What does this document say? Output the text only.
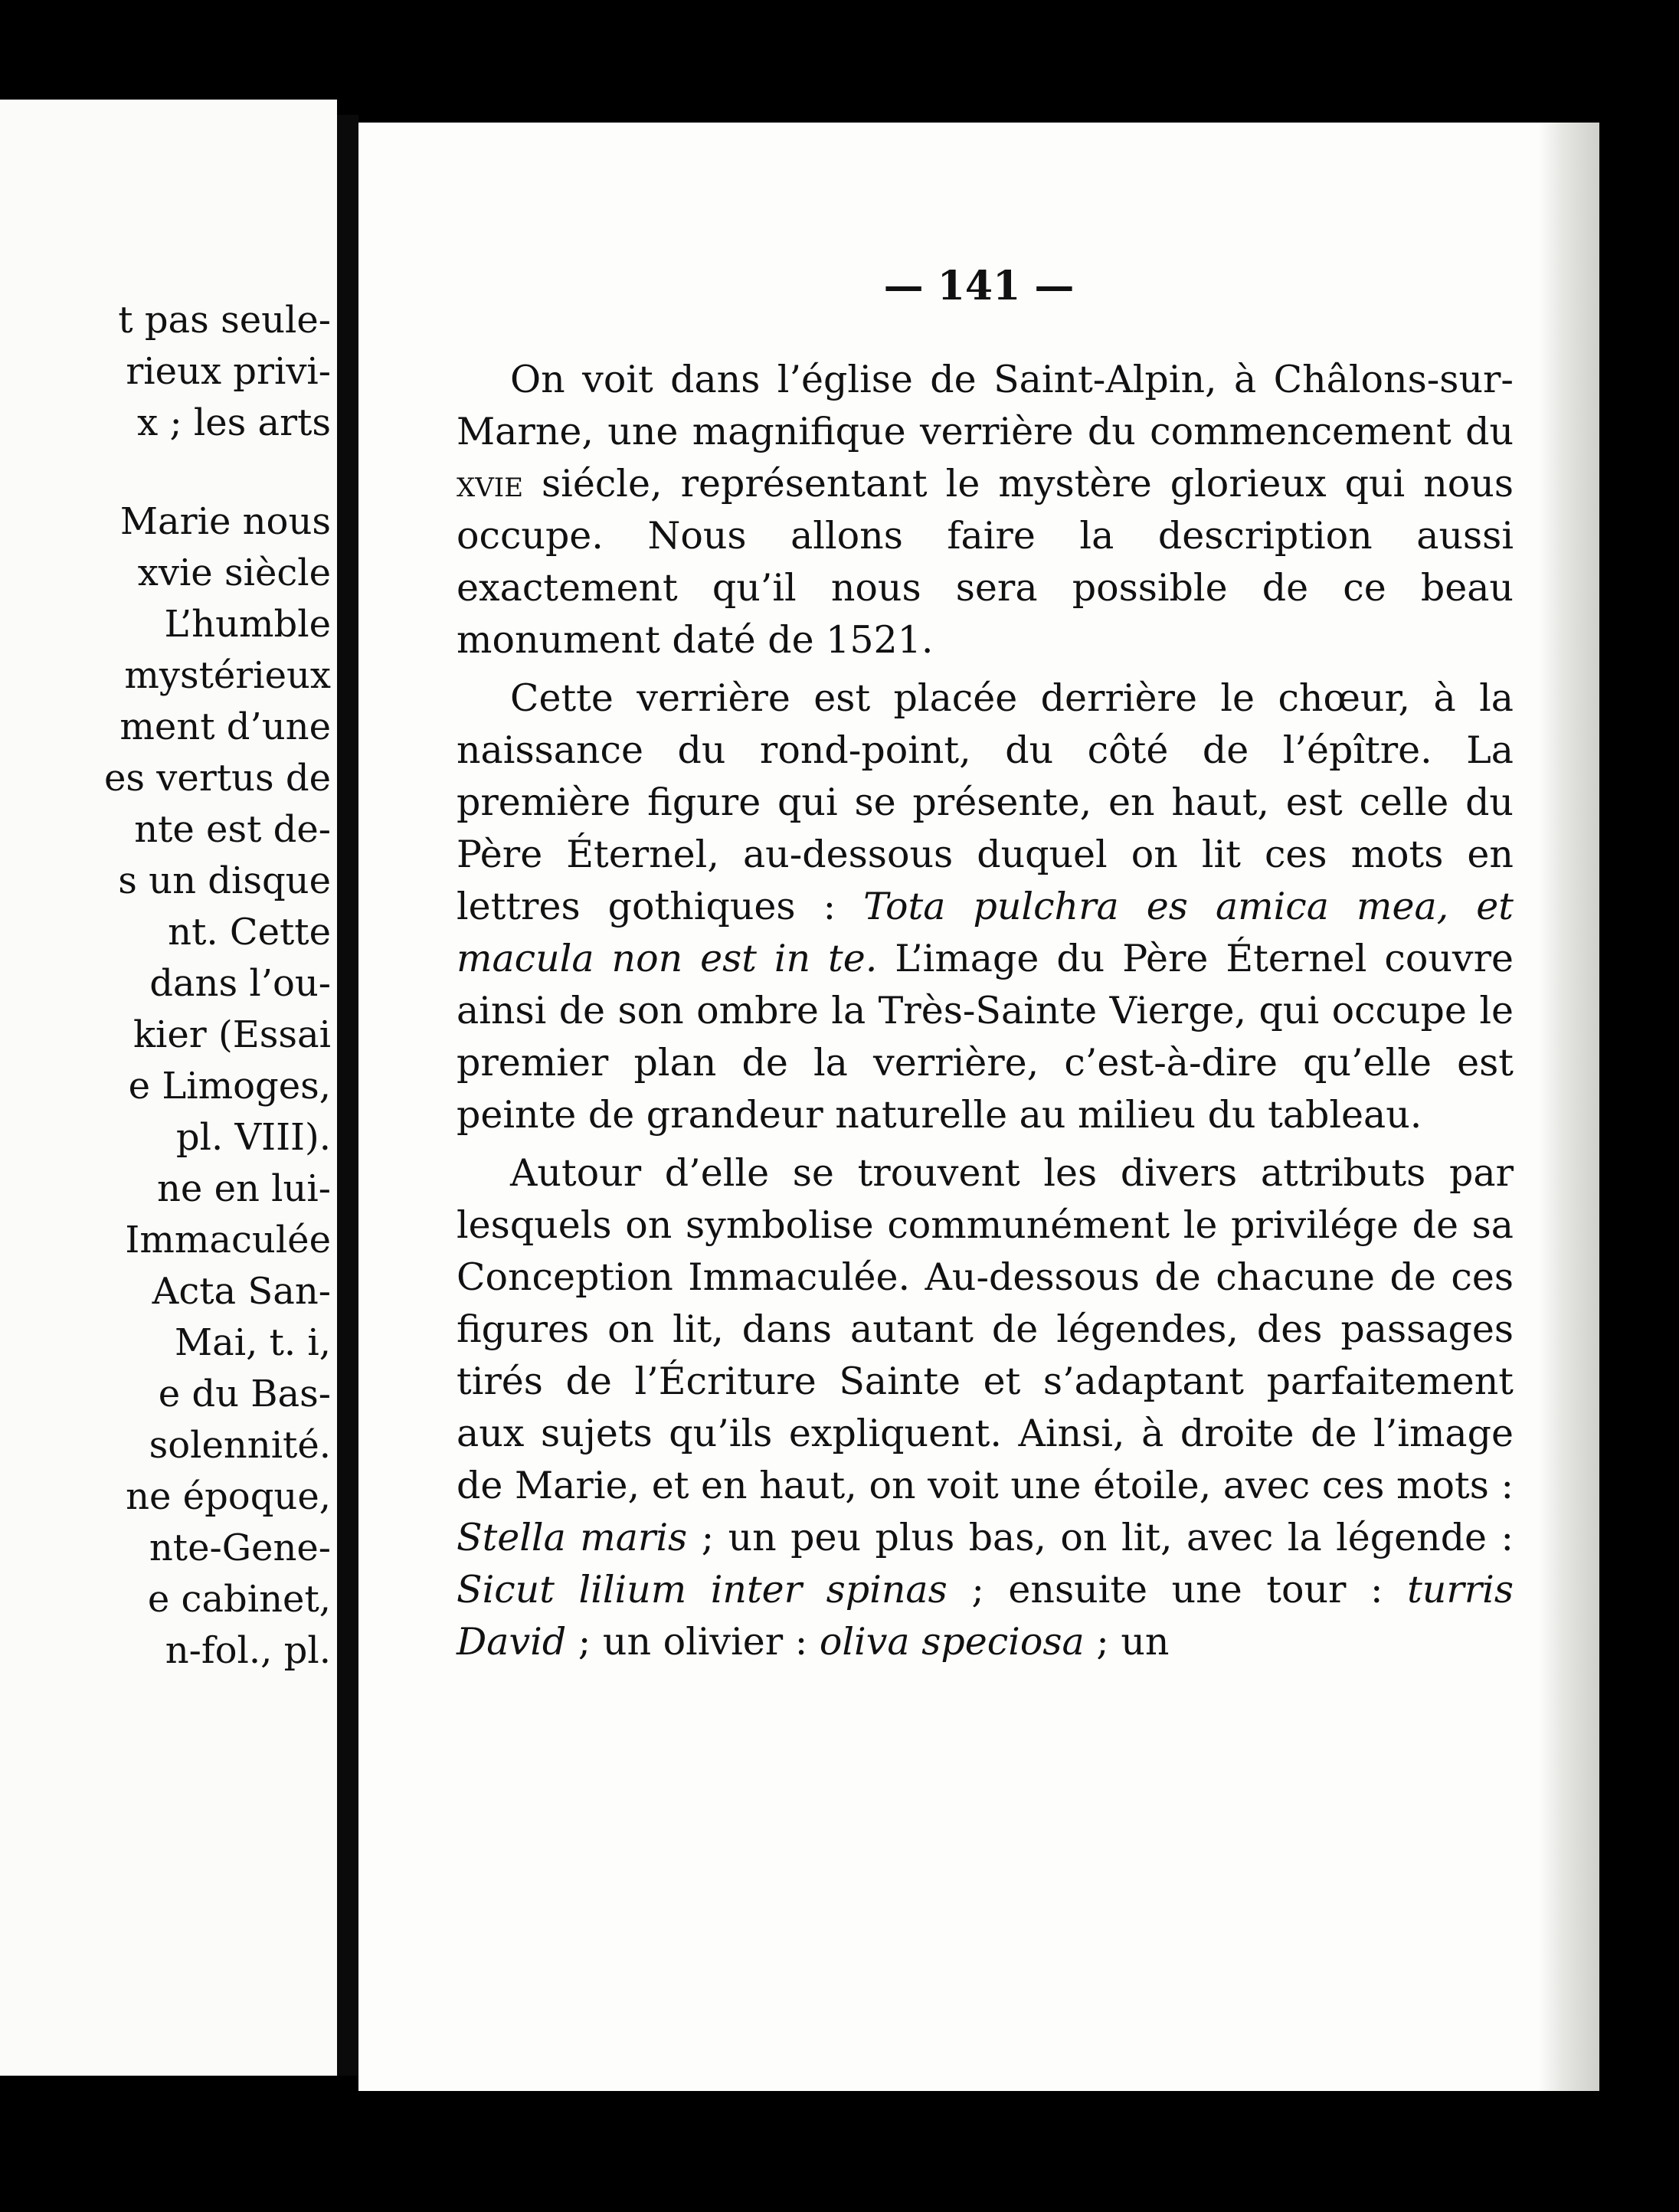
t pas seule-
rieux privi-
x ; les arts
Marie nous
xvie siècle
L’humble
mystérieux
ment d’une
es vertus de
nte est de-
s un disque
nt. Cette
dans l’ou-
kier (Essai
e Limoges,
pl. VIII).
ne en lui-
Immaculée
Acta San-
Mai, t. i,
e du Bas-
solennité.
ne époque,
nte-Gene-
e cabinet,
n-fol., pl.
— 141 —

On voit dans l’église de Saint-Alpin, à Châlons-sur-Marne, une magnifique verrière du commencement du xvie siécle, représentant le mystère glorieux qui nous occupe. Nous allons faire la description aussi exactement qu’il nous sera possible de ce beau monument daté de 1521.

Cette verrière est placée derrière le chœur, à la naissance du rond-point, du côté de l’épître. La première figure qui se présente, en haut, est celle du Père Éternel, au-dessous duquel on lit ces mots en lettres gothiques : Tota pulchra es amica mea, et macula non est in te. L’image du Père Éternel couvre ainsi de son ombre la Très-Sainte Vierge, qui occupe le premier plan de la verrière, c’est-à-dire qu’elle est peinte de grandeur naturelle au milieu du tableau.

Autour d’elle se trouvent les divers attributs par lesquels on symbolise communément le privilége de sa Conception Immaculée. Au-dessous de chacune de ces figures on lit, dans autant de légendes, des passages tirés de l’Écriture Sainte et s’adaptant parfaitement aux sujets qu’ils expliquent. Ainsi, à droite de l’image de Marie, et en haut, on voit une étoile, avec ces mots : Stella maris ; un peu plus bas, on lit, avec la légende : Sicut lilium inter spinas ; ensuite une tour : turris David ; un olivier : oliva speciosa ; un
